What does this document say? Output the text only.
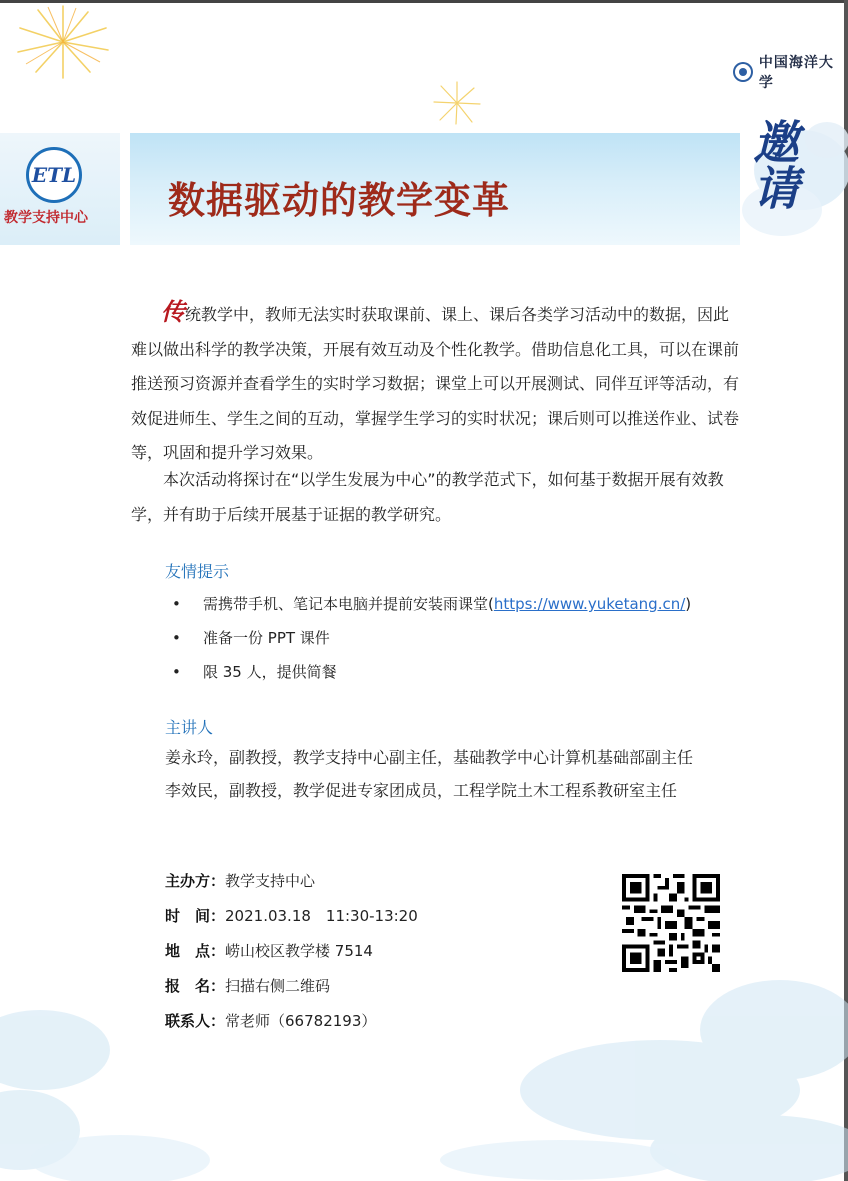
中国海洋大学
ETL
教学支持中心 数据驱动的教学变革	邀请
传统教学中，教师无法实时获取课前、课上、课后各类学习活动中的数据，因此难以做出科学的教学决策，开展有效互动及个性化教学。借助信息化工具，可以在课前推送预习资源并查看学生的实时学习数据；课堂上可以开展测试、同伴互评等活动，有效促进师生、学生之间的互动，掌握学生学习的实时状况；课后则可以推送作业、试卷等，巩固和提升学习效果。
本次活动将探讨在“以学生发展为中心”的教学范式下，如何基于数据开展有效教学，并有助于后续开展基于证据的教学研究。
友情提示
•	需携带手机、笔记本电脑并提前安装雨课堂(https://www.yuketang.cn/)
•	准备一份 PPT 课件
•	限 35 人，提供简餐
主讲人
姜永玲，副教授，教学支持中心副主任，基础教学中心计算机基础部副主任
李效民，副教授，教学促进专家团成员，工程学院土木工程系教研室主任
主办方： 教学支持中心
时　间： 2021.03.18　11:30-13:20
地　点： 崂山校区教学楼 7514
报　名： 扫描右侧二维码
联系人： 常老师（66782193）
